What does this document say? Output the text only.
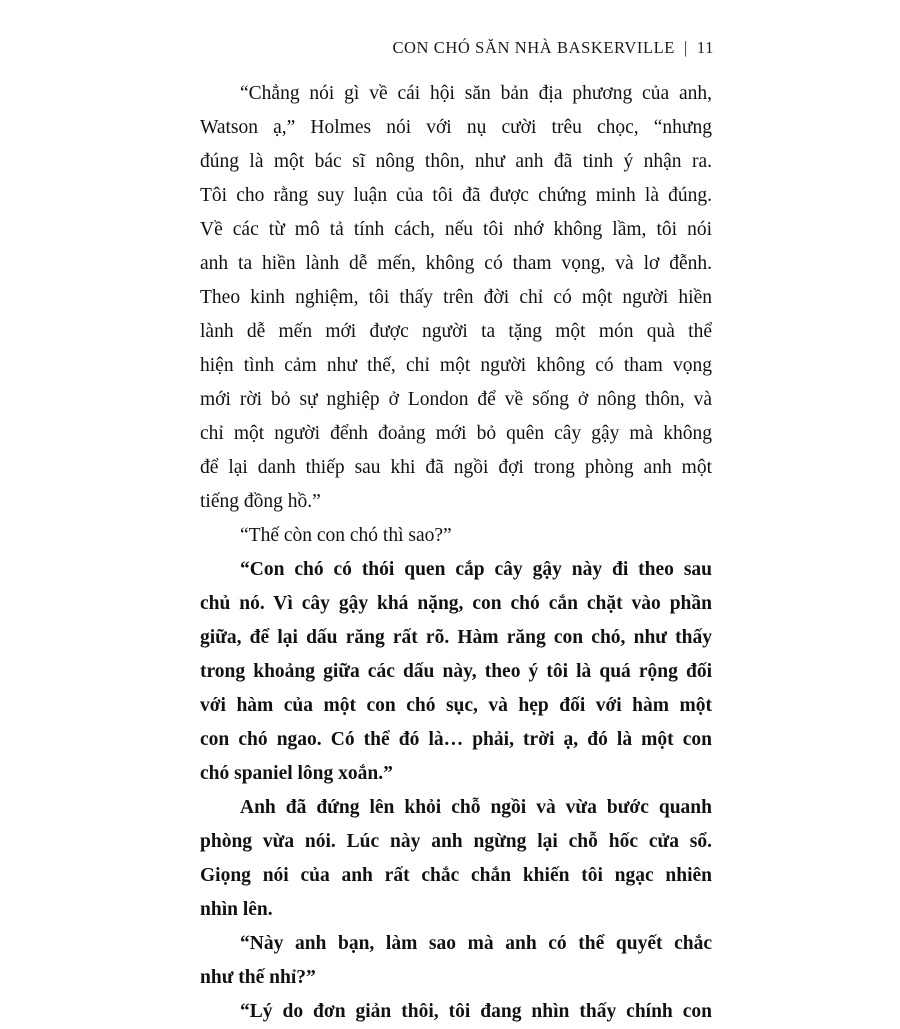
CON CHÓ SĂN NHÀ BASKERVILLE | 11
“Chẳng nói gì về cái hội săn bản địa phương của anh,
Watson ạ,” Holmes nói với nụ cười trêu chọc, “nhưng
đúng là một bác sĩ nông thôn, như anh đã tinh ý nhận ra.
Tôi cho rằng suy luận của tôi đã được chứng minh là đúng.
Về các từ mô tả tính cách, nếu tôi nhớ không lầm, tôi nói
anh ta hiền lành dễ mến, không có tham vọng, và lơ đễnh.
Theo kinh nghiệm, tôi thấy trên đời chỉ có một người hiền
lành dễ mến mới được người ta tặng một món quà thể
hiện tình cảm như thế, chỉ một người không có tham vọng
mới rời bỏ sự nghiệp ở London để về sống ở nông thôn, và
chỉ một người đểnh đoảng mới bỏ quên cây gậy mà không
để lại danh thiếp sau khi đã ngồi đợi trong phòng anh một
tiếng đồng hồ.”
“Thế còn con chó thì sao?”
“Con chó có thói quen cắp cây gậy này đi theo sau
chủ nó. Vì cây gậy khá nặng, con chó cắn chặt vào phần
giữa, để lại dấu răng rất rõ. Hàm răng con chó, như thấy
trong khoảng giữa các dấu này, theo ý tôi là quá rộng đối
với hàm của một con chó sục, và hẹp đối với hàm một
con chó ngao. Có thể đó là… phải, trời ạ, đó là một con
chó spaniel lông xoắn.”
Anh đã đứng lên khỏi chỗ ngồi và vừa bước quanh
phòng vừa nói. Lúc này anh ngừng lại chỗ hốc cửa sổ.
Giọng nói của anh rất chắc chắn khiến tôi ngạc nhiên
nhìn lên.
“Này anh bạn, làm sao mà anh có thể quyết chắc
như thế nhỉ?”
“Lý do đơn giản thôi, tôi đang nhìn thấy chính con
